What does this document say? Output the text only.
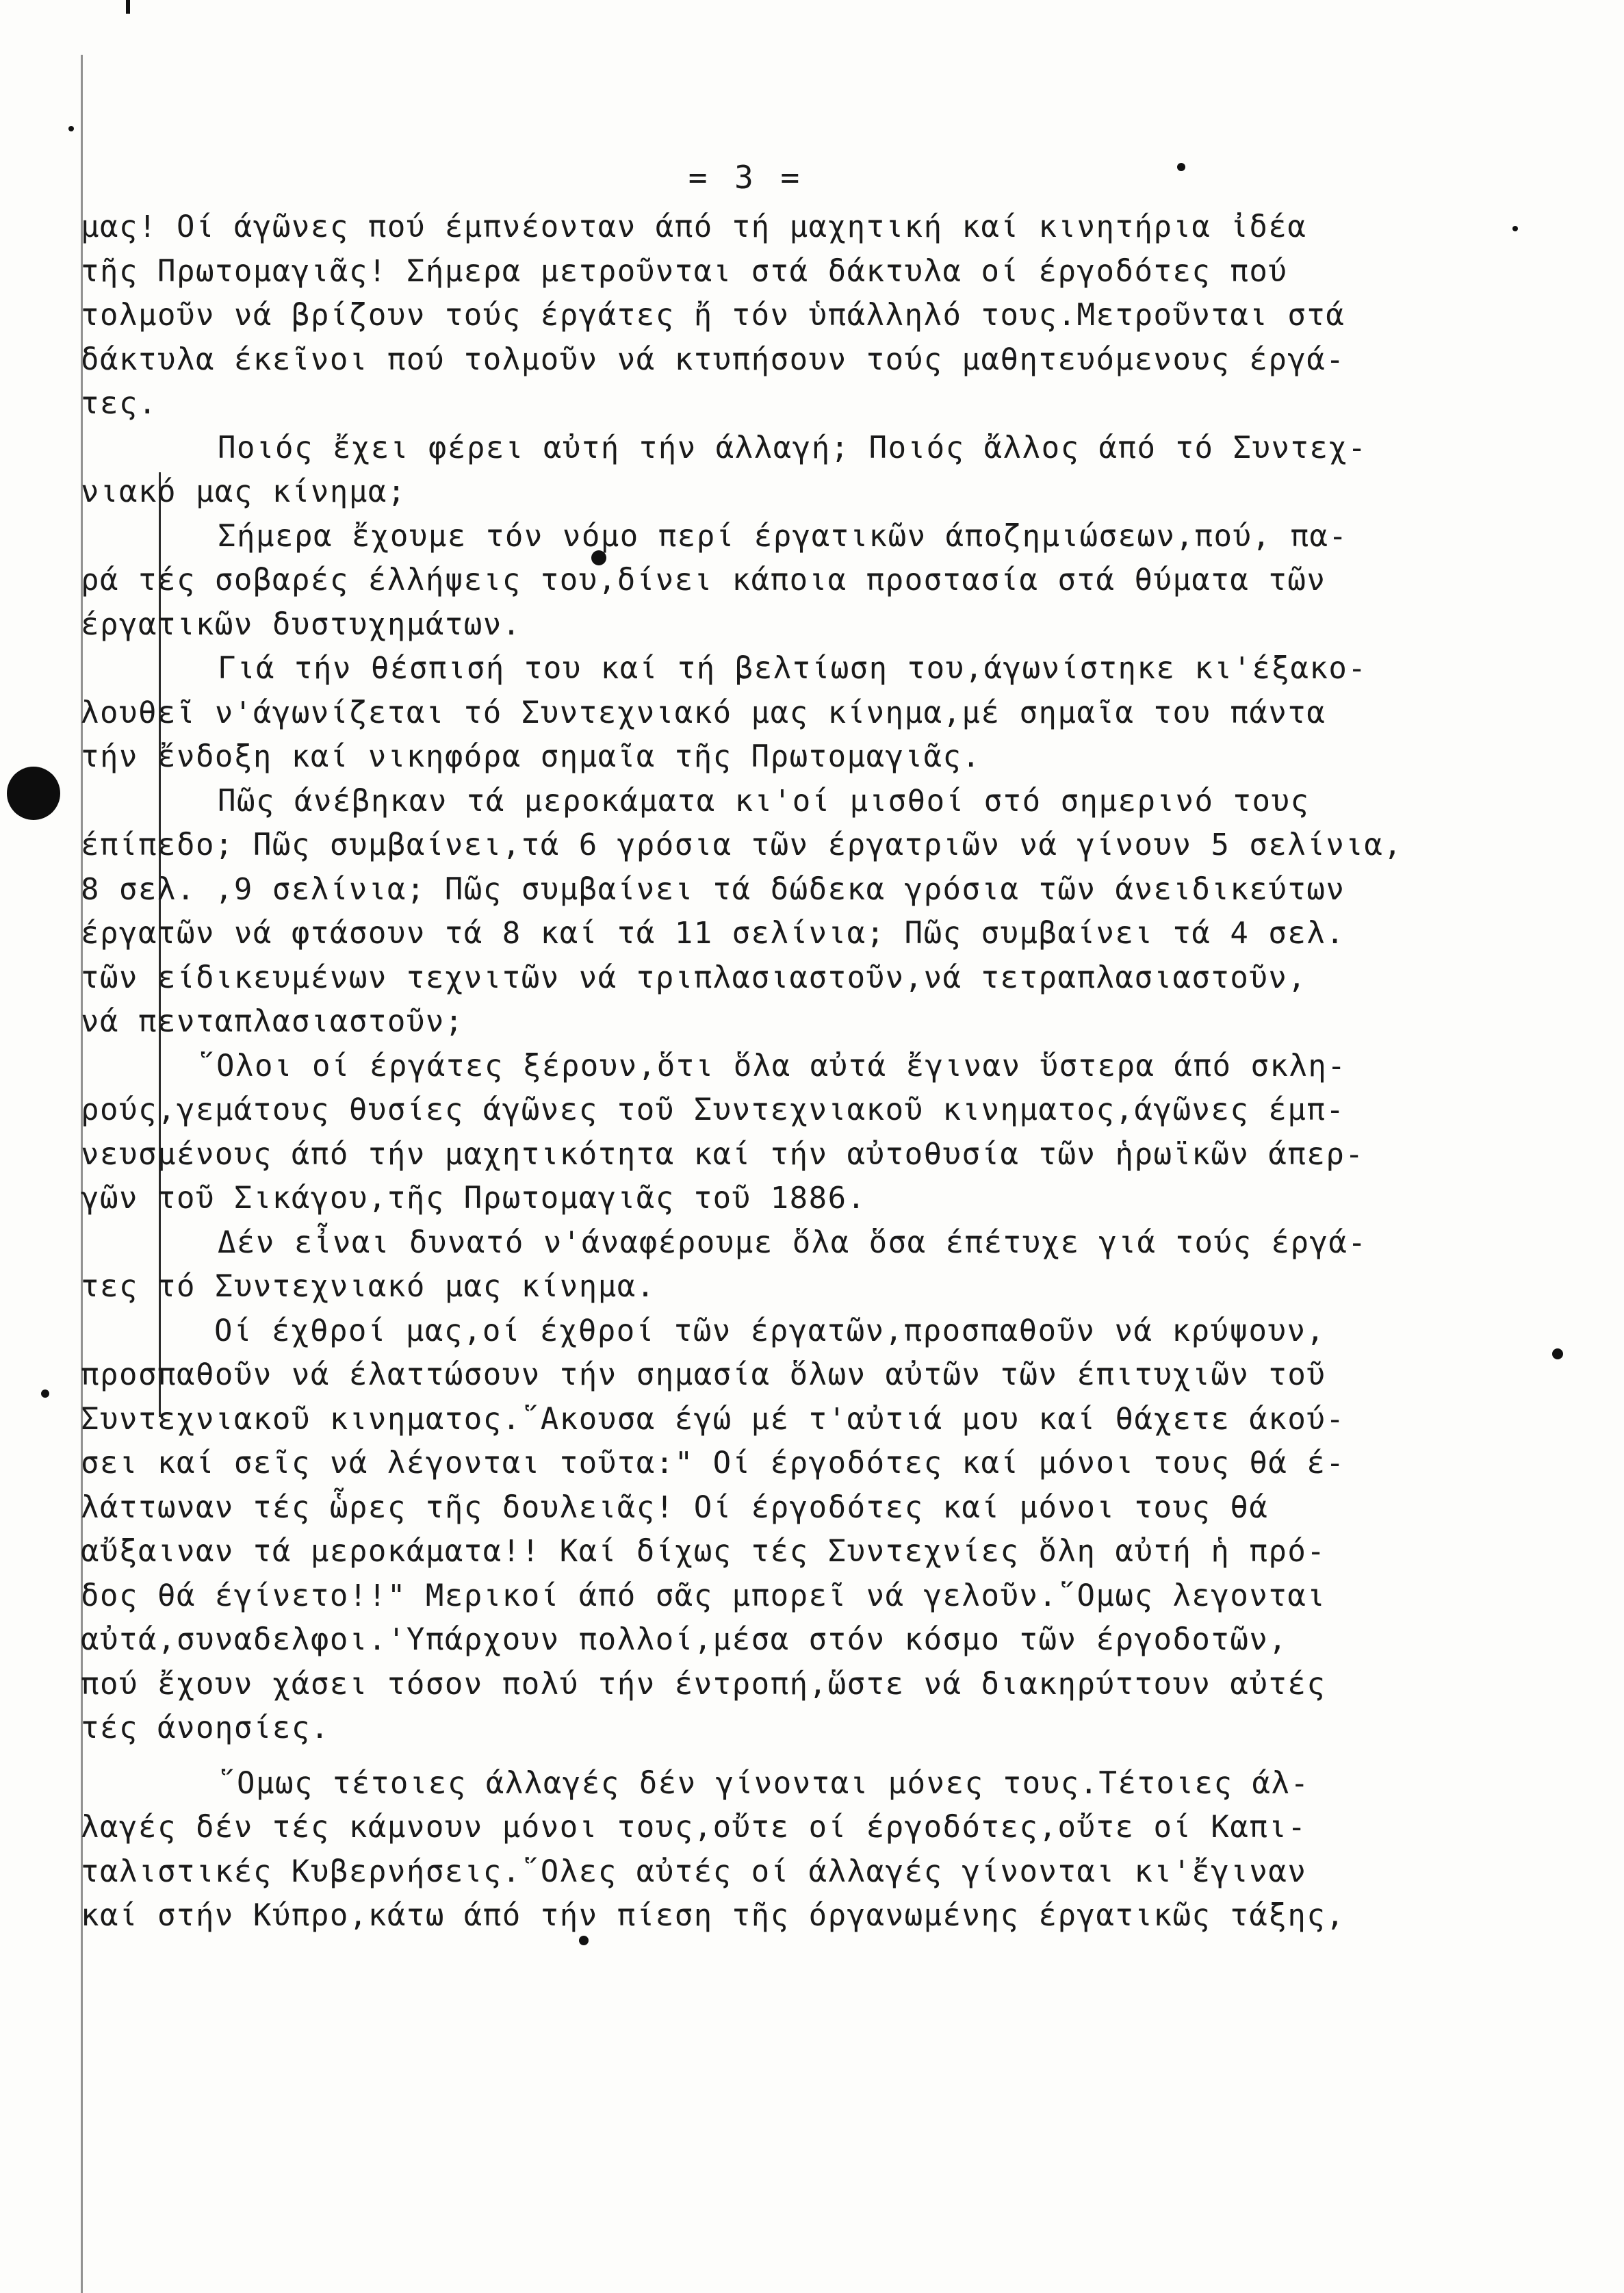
= 3 =
μας! Οί άγῶνες πού έμπνέονταν άπό τή μαχητική καί κινητήρια ἰδέα
τῆς Πρωτομαγιᾶς! Σήμερα μετροῦνται στά δάκτυλα οί έργοδότες πού
τολμοῦν νά βρίζουν τούς έργάτες ἤ τόν ὑπάλληλό τους.Μετροῦνται στά
δάκτυλα έκεῖνοι πού τολμοῦν νά κτυπήσουν τούς μαθητευόμενους έργά-
τες.
Ποιός ἔχει φέρει αὐτή τήν άλλαγή; Ποιός ἄλλος άπό τό Συντεχ-
νιακό μας κίνημα;
Σήμερα ἔχουμε τόν νόμο περί έργατικῶν άποζημιώσεων,πού, πα-
ρά τές σοβαρές έλλήψεις του,δίνει κάποια προστασία στά θύματα τῶν
έργατικῶν δυστυχημάτων.
Γιά τήν θέσπισή του καί τή βελτίωση του,άγωνίστηκε κι'έξακο-
λουθεῖ ν'άγωνίζεται τό Συντεχνιακό μας κίνημα,μέ σημαῖα του πάντα
τήν ἔνδοξη καί νικηφόρα σημαῖα τῆς Πρωτομαγιᾶς.
Πῶς άνέβηκαν τά μεροκάματα κι'οί μισθοί στό σημερινό τους
έπίπεδο; Πῶς συμβαίνει,τά 6 γρόσια τῶν έργατριῶν νά γίνουν 5 σελίνια,
8 σελ. ,9 σελίνια; Πῶς συμβαίνει τά δώδεκα γρόσια τῶν άνειδικεύτων
έργατῶν νά φτάσουν τά 8 καί τά 11 σελίνια; Πῶς συμβαίνει τά 4 σελ.
τῶν είδικευμένων τεχνιτῶν νά τριπλασιαστοῦν,νά τετραπλασιαστοῦν,
νά πενταπλασιαστοῦν;
῞Ολοι οί έργάτες ξέρουν,ὅτι ὅλα αὐτά ἔγιναν ὕστερα άπό σκλη-
ρούς,γεμάτους θυσίες άγῶνες τοῦ Συντεχνιακοῦ κινηματος,άγῶνες έμπ-
νευσμένους άπό τήν μαχητικότητα καί τήν αὐτοθυσία τῶν ἡρωϊκῶν άπερ-
γῶν τοῦ Σικάγου,τῆς Πρωτομαγιᾶς τοῦ 1886.
Δέν εἶναι δυνατό ν'άναφέρουμε ὅλα ὅσα έπέτυχε γιά τούς έργά-
τες τό Συντεχνιακό μας κίνημα.
Οί έχθροί μας,οί έχθροί τῶν έργατῶν,προσπαθοῦν νά κρύψουν,
προσπαθοῦν νά έλαττώσουν τήν σημασία ὅλων αὐτῶν τῶν έπιτυχιῶν τοῦ
Συντεχνιακοῦ κινηματος.῞Ακουσα έγώ μέ τ'αὐτιά μου καί θάχετε άκού-
σει καί σεῖς νά λέγονται τοῦτα:" Οί έργοδότες καί μόνοι τους θά έ-
λάττωναν τές ὧρες τῆς δουλειᾶς! Οί έργοδότες καί μόνοι τους θά
αὔξαιναν τά μεροκάματα!! Καί δίχως τές Συντεχνίες ὅλη αὐτή ἡ πρό-
δος θά έγίνετο!!" Μερικοί άπό σᾶς μπορεῖ νά γελοῦν.῞Ομως λεγονται
αὐτά,συναδελφοι.'Υπάρχουν πολλοί,μέσα στόν κόσμο τῶν έργοδοτῶν,
πού ἔχουν χάσει τόσον πολύ τήν έντροπή,ὥστε νά διακηρύττουν αὐτές
τές άνοησίες.
῞Ομως τέτοιες άλλαγές δέν γίνονται μόνες τους.Τέτοιες άλ-
λαγές δέν τές κάμνουν μόνοι τους,οὔτε οί έργοδότες,οὔτε οί Καπι-
ταλιστικές Κυβερνήσεις.῞Ολες αὐτές οί άλλαγές γίνονται κι'ἔγιναν
καί στήν Κύπρο,κάτω άπό τήν πίεση τῆς όργανωμένης έργατικῶς τάξης,
